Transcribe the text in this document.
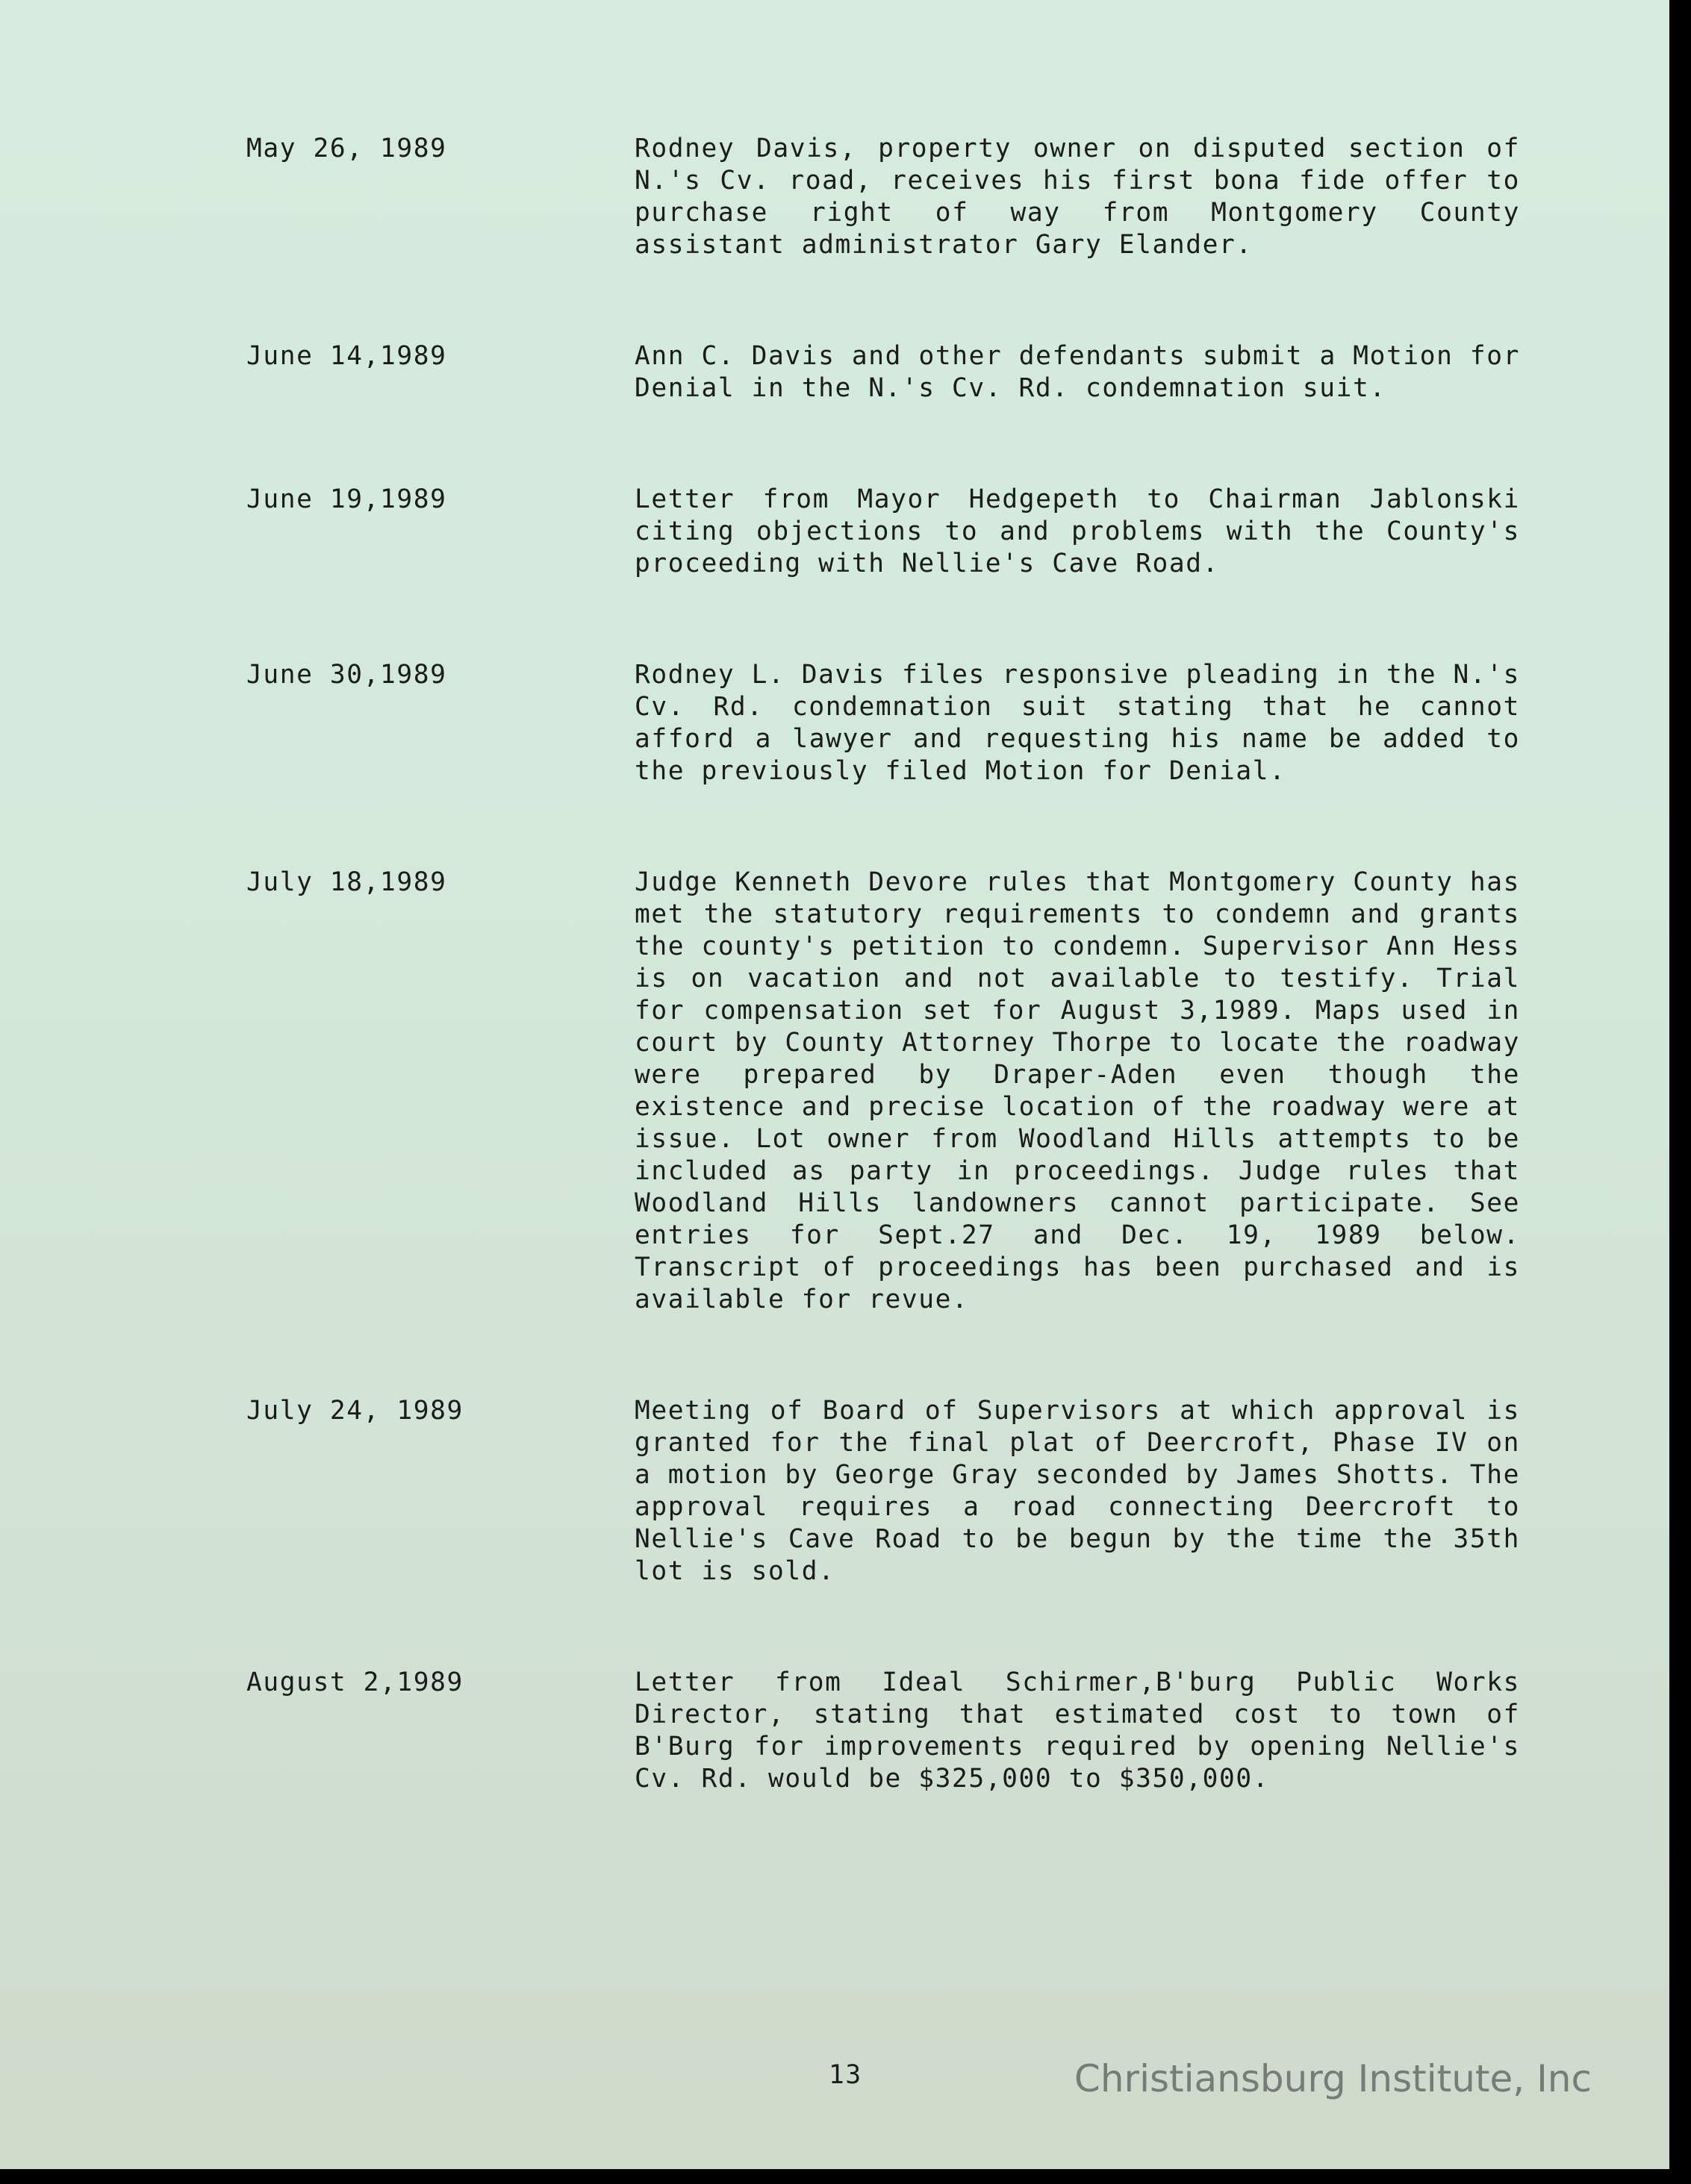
May 26, 1989	Rodney Davis, property owner on disputed section of N.'s Cv. road, receives his first bona fide offer to purchase right of way from Montgomery County assistant administrator Gary Elander.
June 14,1989	Ann C. Davis and other defendants submit a Motion for Denial in the N.'s Cv. Rd. condemnation suit.
June 19,1989	Letter from Mayor Hedgepeth to Chairman Jablonski citing objections to and problems with the County's proceeding with Nellie's Cave Road.
June 30,1989	Rodney L. Davis files responsive pleading in the N.'s Cv. Rd. condemnation suit stating that he cannot afford a lawyer and requesting his name be added to the previously filed Motion for Denial.
July 18,1989	Judge Kenneth Devore rules that Montgomery County has met the statutory requirements to condemn and grants the county's petition to condemn. Supervisor Ann Hess is on vacation and not available to testify. Trial for compensation set for August 3,1989. Maps used in court by County Attorney Thorpe to locate the roadway were prepared by Draper-Aden even though the existence and precise location of the roadway were at issue. Lot owner from Woodland Hills attempts to be included as party in proceedings. Judge rules that Woodland Hills landowners cannot participate. See entries for Sept.27 and Dec. 19, 1989 below. Transcript of proceedings has been purchased and is available for revue.
July 24, 1989	Meeting of Board of Supervisors at which approval is granted for the final plat of Deercroft, Phase IV on a motion by George Gray seconded by James Shotts. The approval requires a road connecting Deercroft to Nellie's Cave Road to be begun by the time the 35th lot is sold.
August 2,1989	Letter from Ideal Schirmer,B'burg Public Works Director, stating that estimated cost to town of B'Burg for improvements required by opening Nellie's Cv. Rd. would be $325,000 to $350,000.
13	Christiansburg Institute, Inc
